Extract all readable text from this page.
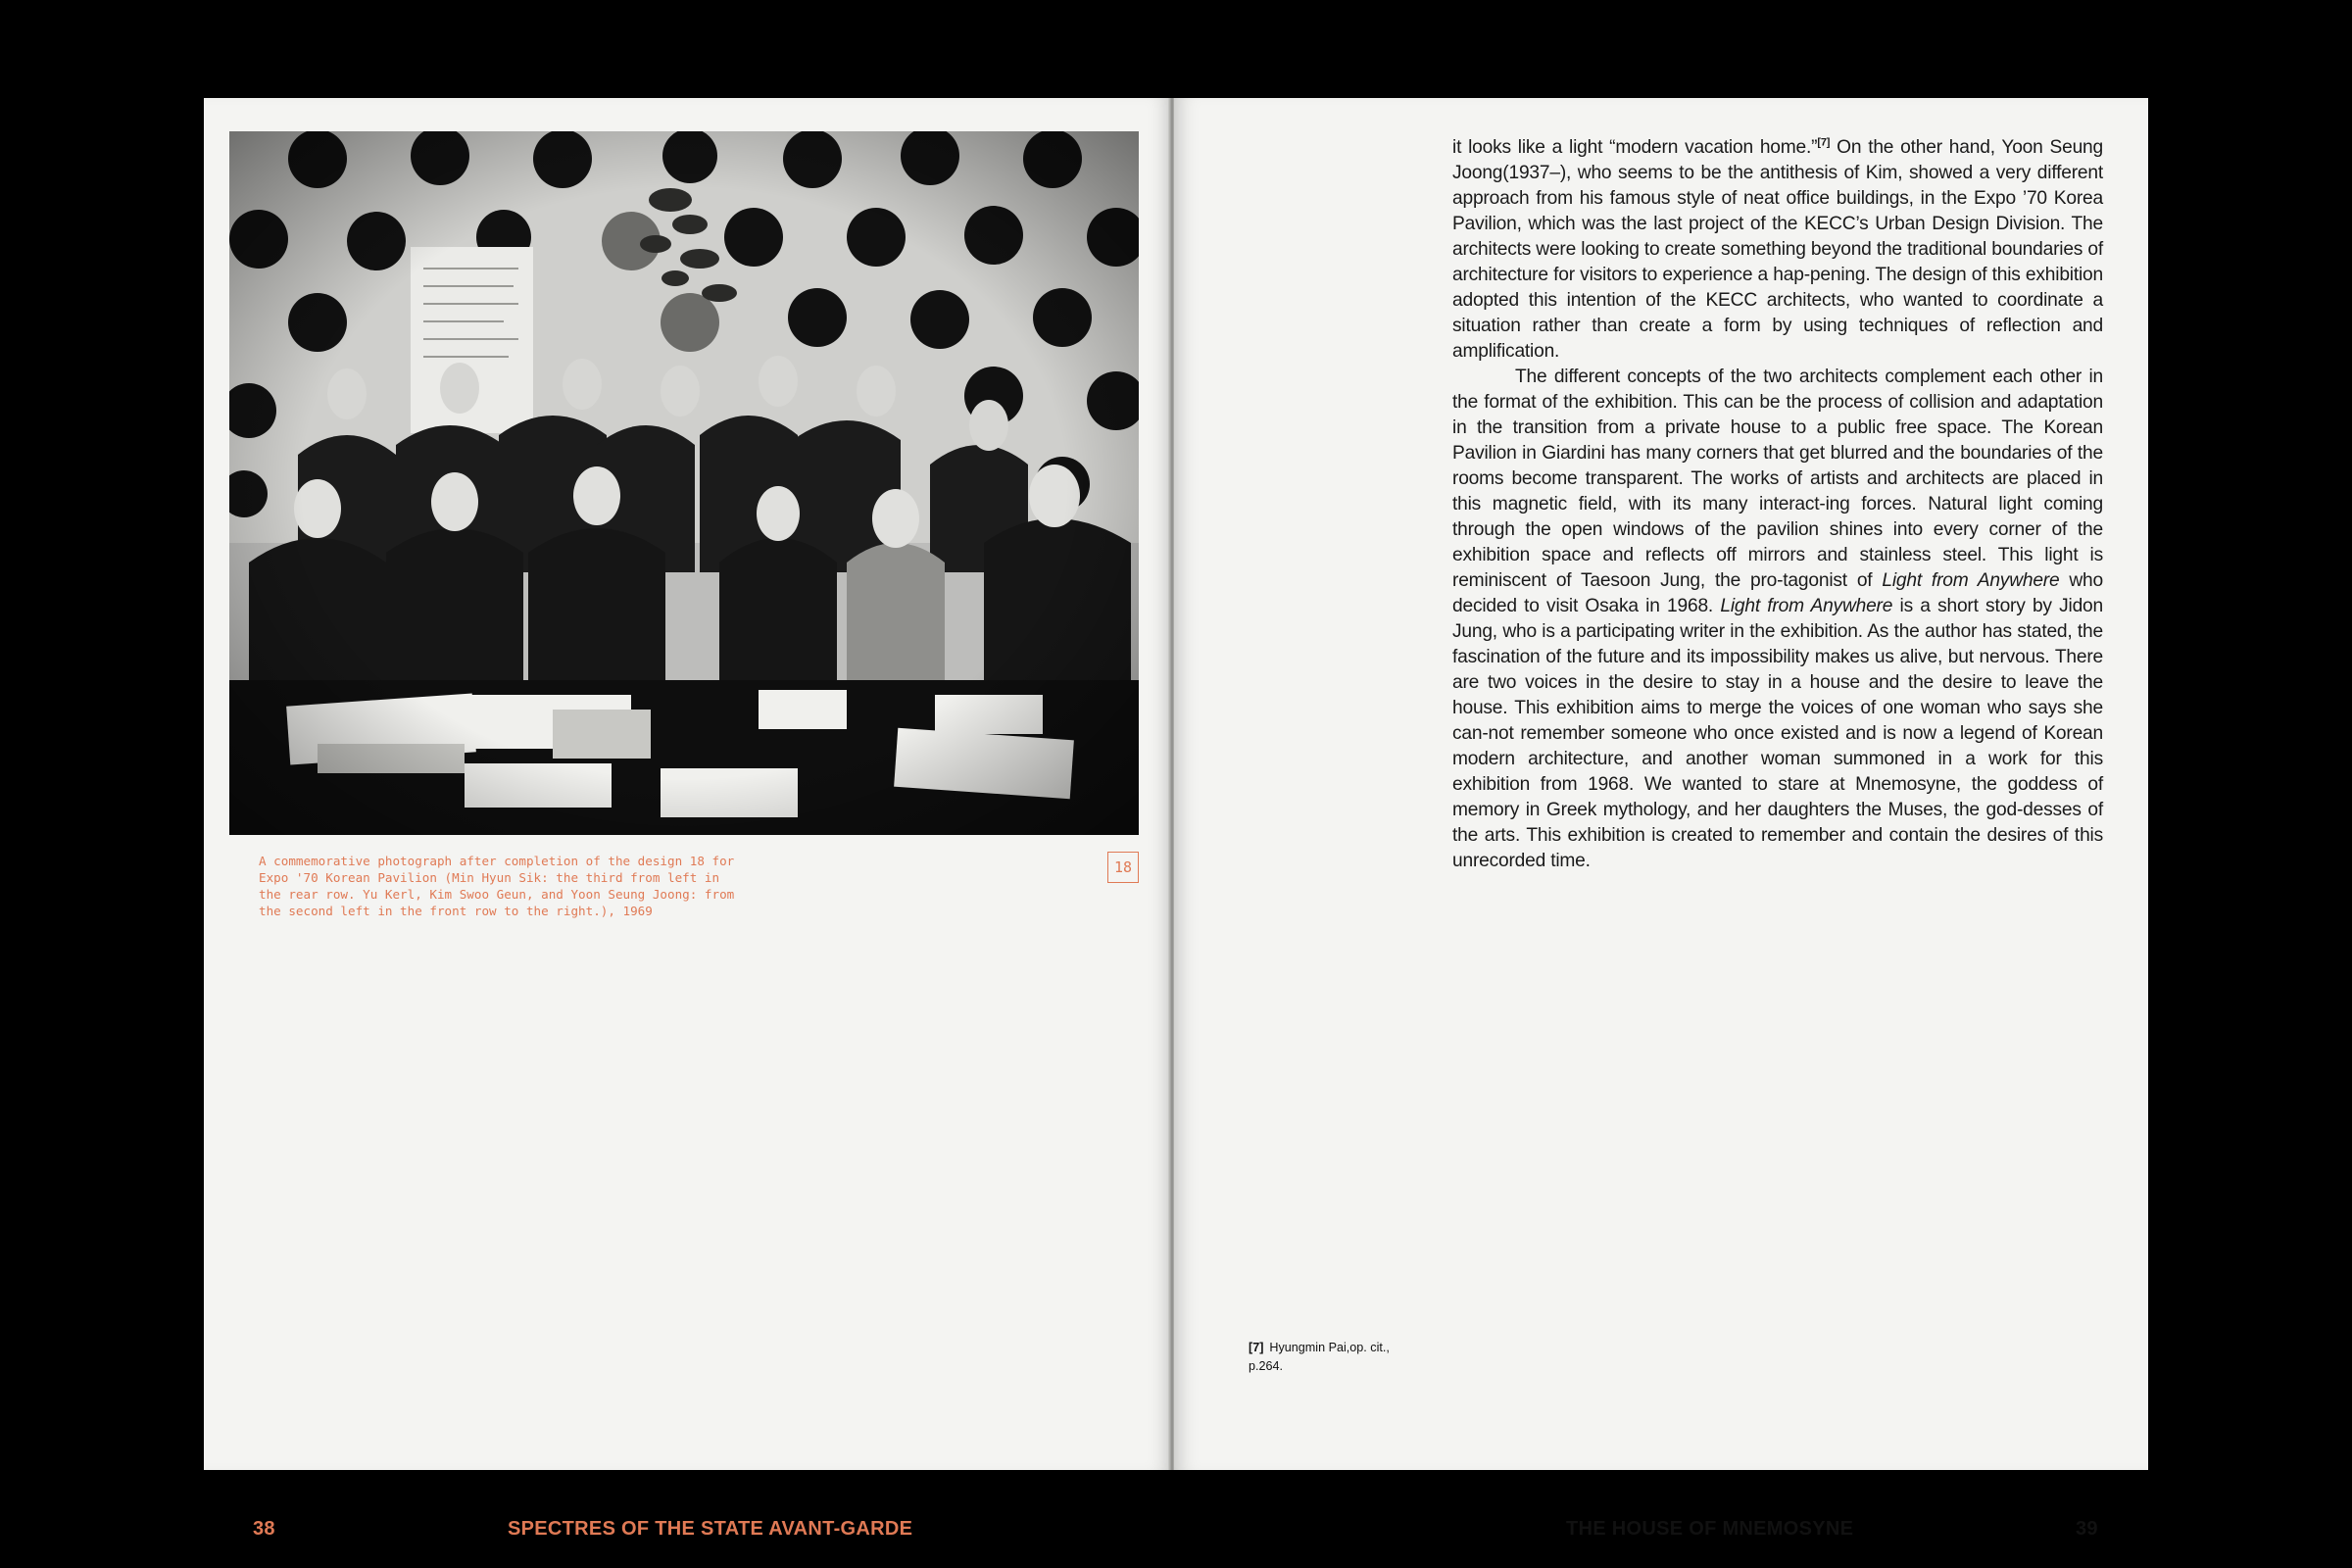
A commemorative photograph after completion of the design 18 for Expo '70 Korean Pavilion (Min Hyun Sik: the third from left in the rear row. Yu Kerl, Kim Swoo Geun, and Yoon Seung Joong: from the second left in the front row to the right.), 1969

18
38	SPECTRES OF THE STATE AVANT-GARDE

it looks like a light “modern vacation home.”[7] On the other hand, Yoon Seung Joong(1937–), who seems to be the antithesis of Kim, showed a very different approach from his famous style of neat office buildings, in the Expo ’70 Korea Pavilion, which was the last project of the KECC’s Urban Design Division. The architects were looking to create something beyond the traditional boundaries of architecture for visitors to experience a hap-pening. The design of this exhibition adopted this intention of the KECC architects, who wanted to coordinate a situation rather than create a form by using techniques of reflection and amplification.

The different concepts of the two architects complement each other in the format of the exhibition. This can be the process of collision and adaptation in the transition from a private house to a public free space. The Korean Pavilion in Giardini has many corners that get blurred and the boundaries of the rooms become transparent. The works of artists and architects are placed in this magnetic field, with its many interact-ing forces. Natural light coming through the open windows of the pavilion shines into every corner of the exhibition space and reflects off mirrors and stainless steel. This light is reminiscent of Taesoon Jung, the pro-tagonist of Light from Anywhere who decided to visit Osaka in 1968. Light from Anywhere is a short story by Jidon Jung, who is a participating writer in the exhibition. As the author has stated, the fascination of the future and its impossibility makes us alive, but nervous. There are two voices in the desire to stay in a house and the desire to leave the house. This exhibition aims to merge the voices of one woman who says she can-not remember someone who once existed and is now a legend of Korean modern architecture, and another woman summoned in a work for this exhibition from 1968. We wanted to stare at Mnemosyne, the goddess of memory in Greek mythology, and her daughters the Muses, the god-desses of the arts. This exhibition is created to remember and contain the desires of this unrecorded time.

[7] Hyungmin Pai,op. cit., p.264.
THE HOUSE OF MNEMOSYNE	39
